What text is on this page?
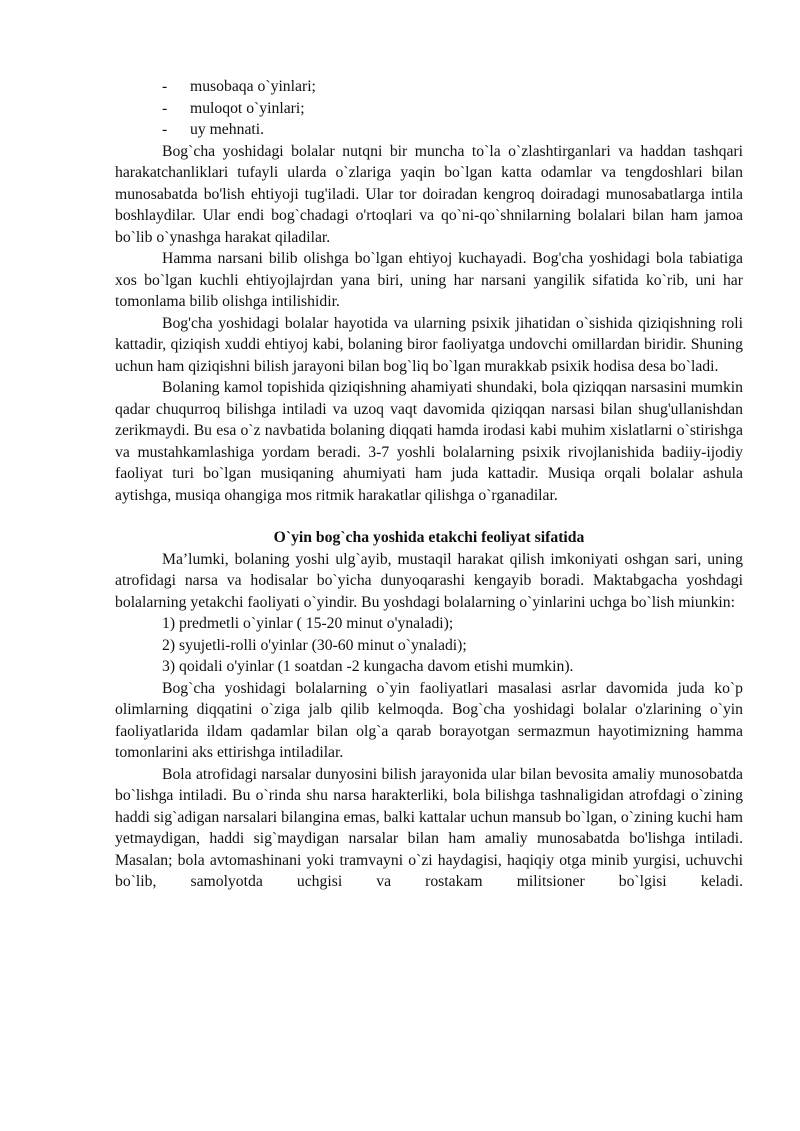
- musobaqa o`yinlari;
- muloqot o`yinlari;
- uy mehnati.

Bog`cha yoshidagi bolalar nutqni bir muncha to`la o`zlashtirganlari va haddan tashqari harakatchanliklari tufayli ularda o`zlariga yaqin bo`lgan katta odamlar va tengdoshlari bilan munosabatda bo'lish ehtiyoji tug'iladi. Ular tor doiradan kengroq doiradagi munosabatlarga intila boshlaydilar. Ular endi bog`chadagi o'rtoqlari va qo`ni-qo`shnilarning bolalari bilan ham jamoa bo`lib o`ynashga harakat qiladilar.

Hamma narsani bilib olishga bo`lgan ehtiyoj kuchayadi. Bog'cha yoshidagi bola tabiatiga xos bo`lgan kuchli ehtiyojlajrdan yana biri, uning har narsani yangilik sifatida ko`rib, uni har tomonlama bilib olishga intilishidir.

Bog'cha yoshidagi bolalar hayotida va ularning psixik jihatidan o`sishida qiziqishning roli kattadir, qiziqish xuddi ehtiyoj kabi, bolaning biror faoliyatga undovchi omillardan biridir. Shuning uchun ham qiziqishni bilish jarayoni bilan bog`liq bo`lgan murakkab psixik hodisa desa bo`ladi.

Bolaning kamol topishida qiziqishning ahamiyati shundaki, bola qiziqqan narsasini mumkin qadar chuqurroq bilishga intiladi va uzoq vaqt davomida qiziqqan narsasi bilan shug'ullanishdan zerikmaydi. Bu esa o`z navbatida bolaning diqqati hamda irodasi kabi muhim xislatlarni o`stirishga va mustahkamlashiga yordam beradi. 3-7 yoshli bolalarning psixik rivojlanishida badiiy-ijodiy faoliyat turi bo`lgan musiqaning ahumiyati ham juda kattadir. Musiqa orqali bolalar ashula aytishga, musiqa ohangiga mos ritmik harakatlar qilishga o`rganadilar.

O`yin bog`cha yoshida etakchi feoliyat sifatida

Ma’lumki, bolaning yoshi ulg`ayib, mustaqil harakat qilish imkoniyati oshgan sari, uning atrofidagi narsa va hodisalar bo`yicha dunyoqarashi kengayib boradi. Maktabgacha yoshdagi bolalarning yetakchi faoliyati o`yindir. Bu yoshdagi bolalarning o`yinlarini uchga bo`lish miunkin:

1) predmetli o`yinlar ( 15-20 minut o'ynaladi);

2) syujetli-rolli o'yinlar (30-60 minut o`ynaladi);

3) qoidali o'yinlar (1 soatdan -2 kungacha davom etishi mumkin).

Bog`cha yoshidagi bolalarning o`yin faoliyatlari masalasi asrlar davomida juda ko`p olimlarning diqqatini o`ziga jalb qilib kelmoqda. Bog`cha yoshidagi bolalar o'zlarining o`yin faoliyatlarida ildam qadamlar bilan olg`a qarab borayotgan sermazmun hayotimizning hamma tomonlarini aks ettirishga intiladilar.

Bola atrofidagi narsalar dunyosini bilish jarayonida ular bilan bevosita amaliy munosobatda bo`lishga intiladi. Bu o`rinda shu narsa harakterliki, bola bilishga tashnaligidan atrofdagi o`zining haddi sig`adigan narsalari bilangina emas, balki kattalar uchun mansub bo`lgan, o`zining kuchi ham yetmaydigan, haddi sig`maydigan narsalar bilan ham amaliy munosabatda bo'lishga intiladi. Masalan; bola avtomashinani yoki tramvayni o`zi haydagisi, haqiqiy otga minib yurgisi, uchuvchi bo`lib, samolyotda uchgisi va rostakam militsioner bo`lgisi keladi.
